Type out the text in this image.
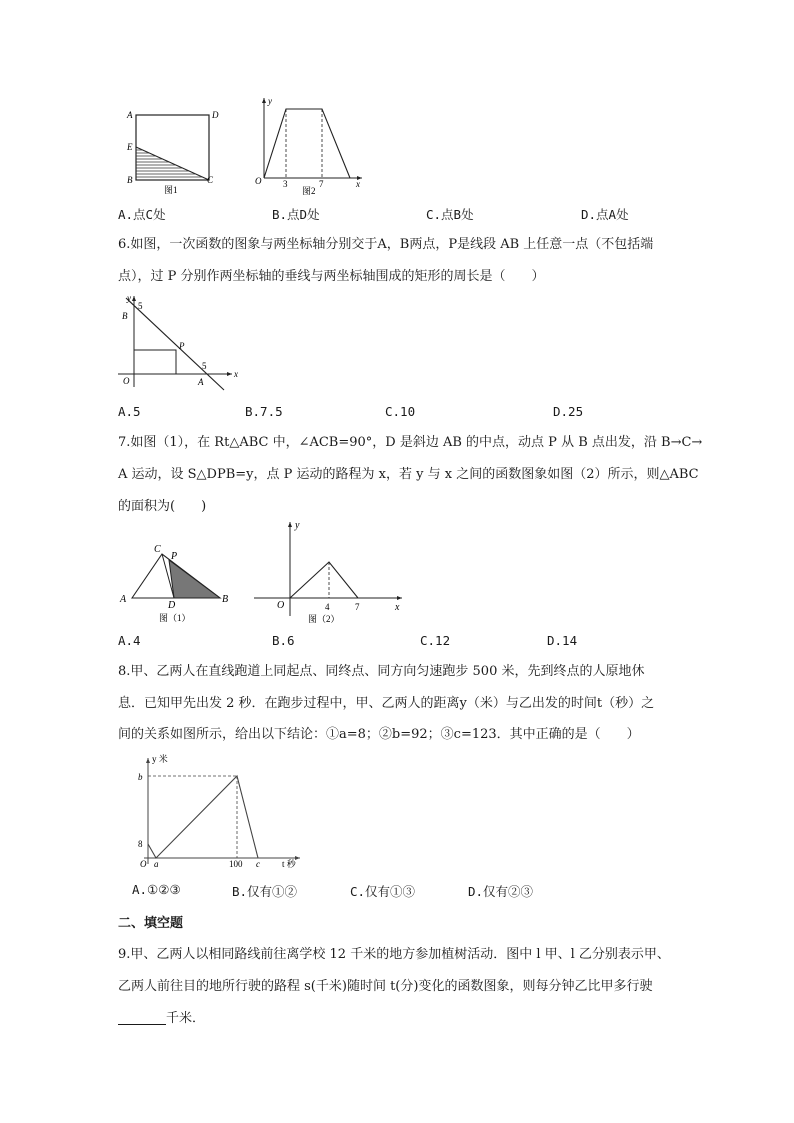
A	D
E
B	C
图1
y
O 3	7	x
图2
A.点C处	B.点D处	C.点B处	D.点A处
6.如图，一次函数的图象与两坐标轴分别交于A，B两点，P是线段 AB 上任意一点（不包括端
点），过 P 分别作两坐标轴的垂线与两坐标轴围成的矩形的周长是（　　）
y
5
B
P
5
O	A
x
A.5	B.7.5	C.10	D.25
7.如图（1），在 Rt△ABC 中，∠ACB=90°，D 是斜边 AB 的中点，动点 P 从 B 点出发，沿 B→C→
A 运动，设 S△DPB=y，点 P 运动的路程为 x，若 y 与 x 之间的函数图象如图（2）所示，则△ABC
的面积为(　　)
C
P
A
D
B
图（1）
y
O	4	7	x
图（2）
A.4	B.6	C.12	D.14
8.甲、乙两人在直线跑道上同起点、同终点、同方向匀速跑步 500 米，先到终点的人原地休
息．已知甲先出发 2 秒．在跑步过程中，甲、乙两人的距离y（米）与乙出发的时间t（秒）之
间的关系如图所示，给出以下结论：①a=8；②b=92；③c=123．其中正确的是（　　）
y 米
b
8
O a	100 c t 秒
A.①②③	B.仅有①②	C.仅有①③	D.仅有②③
二、填空题
9.甲、乙两人以相同路线前往离学校 12 千米的地方参加植树活动．图中 l 甲、l 乙分别表示甲、
乙两人前往目的地所行驶的路程 s(千米)随时间 t(分)变化的函数图象，则每分钟乙比甲多行驶
千米．
